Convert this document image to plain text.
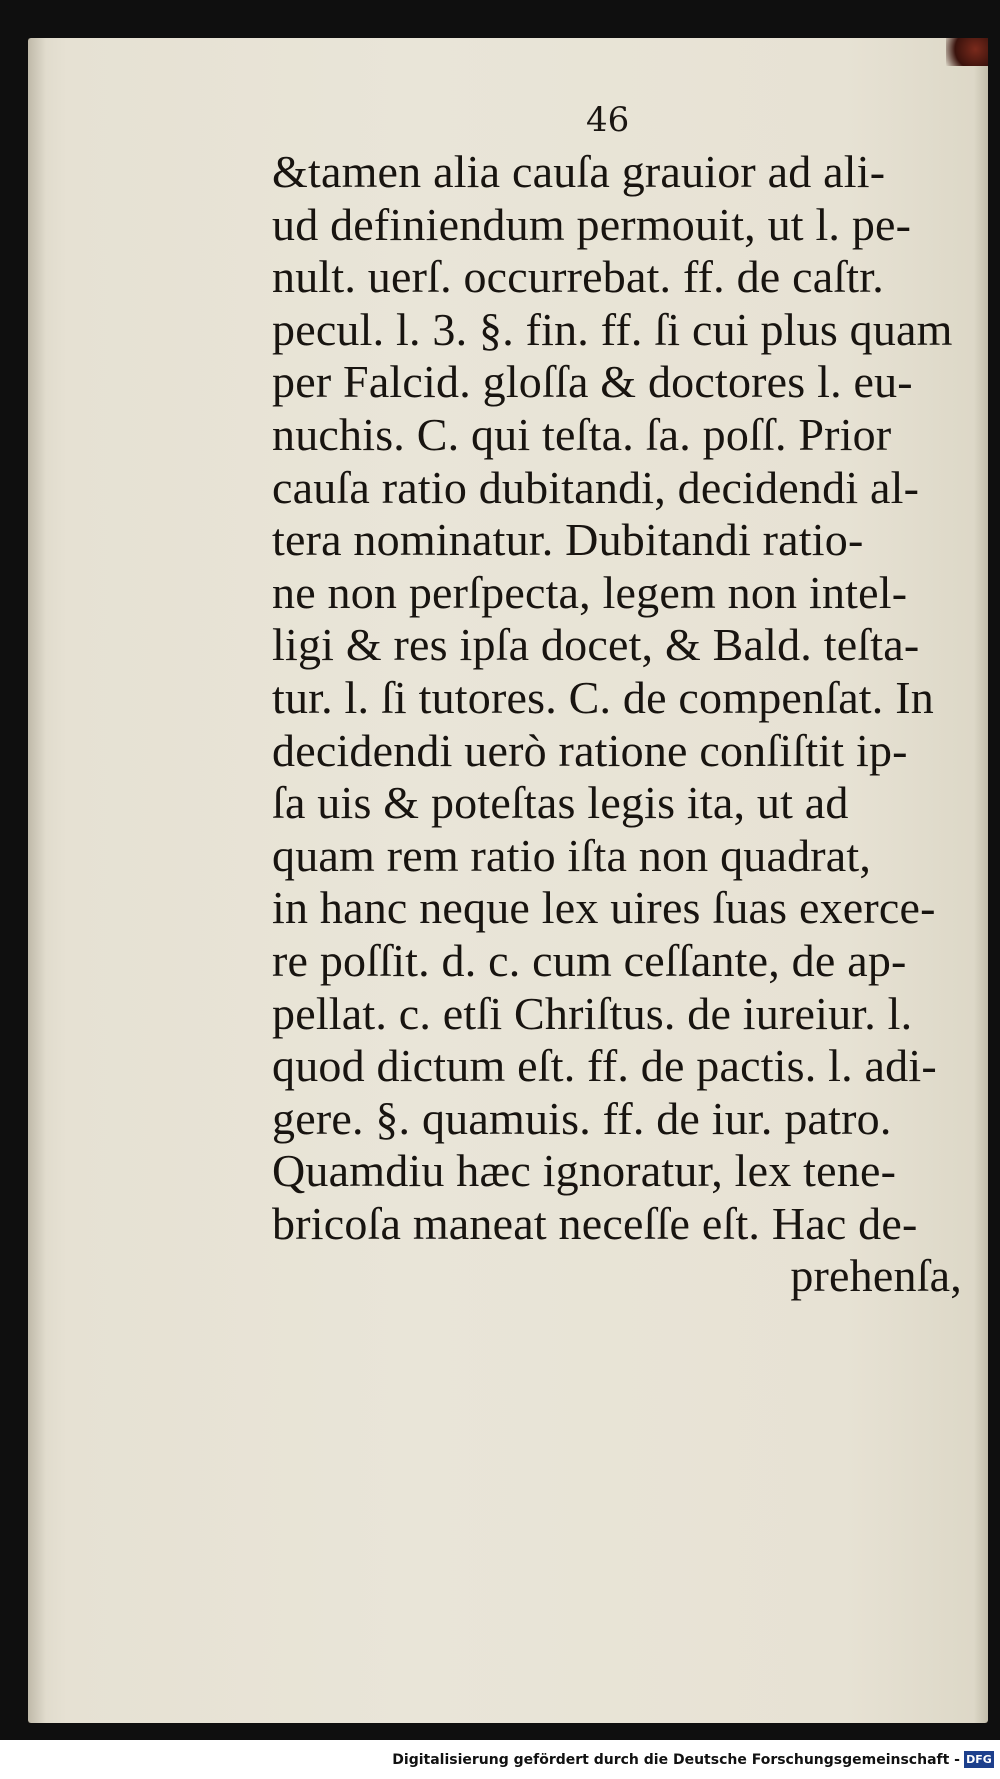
46
&tamen alia cauſa grauior ad ali‐
ud definiendum permouit, ut l. pe‐
nult. uerſ. occurrebat. ff. de caſtr.
pecul. l. 3. §. fin. ff. ſi cui plus quam
per Falcid. gloſſa & doctores l. eu‐
nuchis. C. qui teſta. ſa. poſſ. Prior
cauſa ratio dubitandi, decidendi al‐
tera nominatur. Dubitandi ratio‐
ne non perſpecta, legem non intel‐
ligi & res ipſa docet, & Bald. teſta‐
tur. l. ſi tutores. C. de compenſat. In
decidendi uerò ratione conſiſtit ip‐
ſa uis & poteſtas legis ita, ut ad
quam rem ratio iſta non quadrat,
in hanc neque lex uires ſuas exerce‐
re poſſit. d. c. cum ceſſante, de ap‐
pellat. c. etſi Chriſtus. de iureiur. l.
quod dictum eſt. ff. de pactis. l. adi‐
gere. §. quamuis. ff. de iur. patro.
Quamdiu hæc ignoratur, lex tene‐
bricoſa maneat neceſſe eſt. Hac de‐
prehenſa,
Digitalisierung gefördert durch die Deutsche Forschungsgemeinschaft - DFG
